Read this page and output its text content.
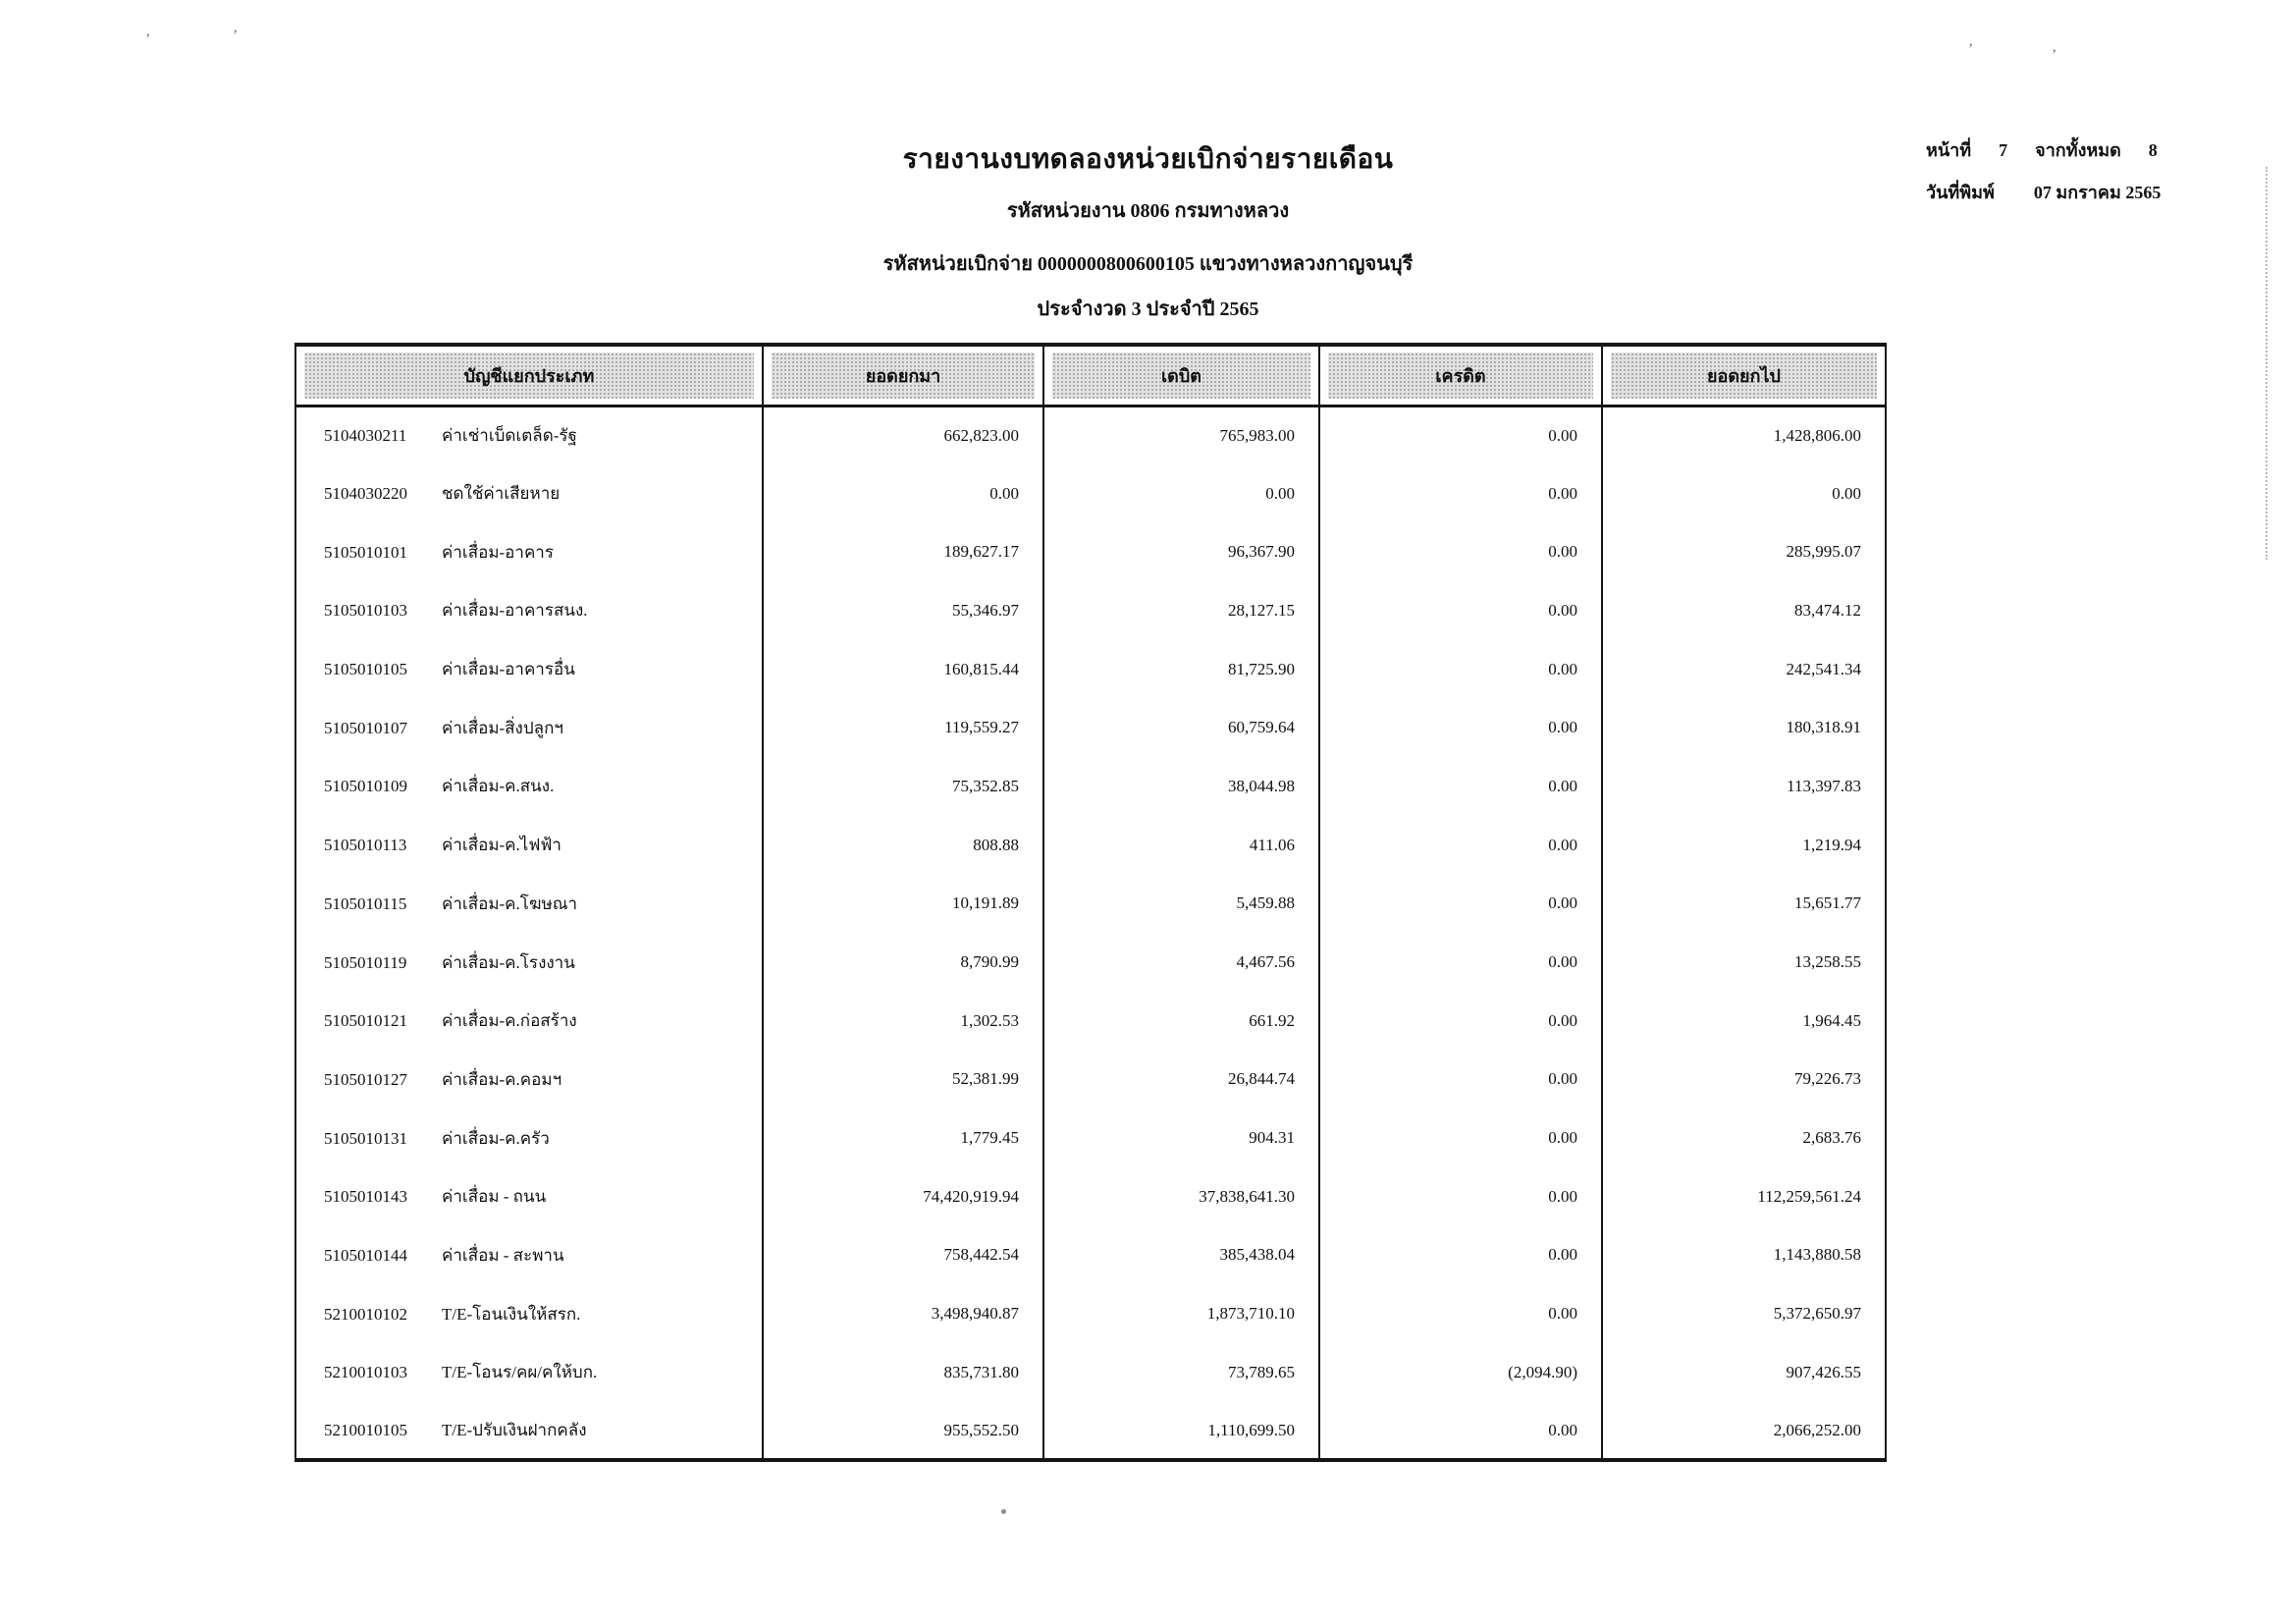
รายงานงบทดลองหน่วยเบิกจ่ายรายเดือน
รหัสหน่วยงาน 0806 กรมทางหลวง
รหัสหน่วยเบิกจ่าย 0000000800600105 แขวงทางหลวงกาญจนบุรี
ประจำงวด 3 ประจำปี 2565
หน้าที่ 7 จากทั้งหมด 8
วันที่พิมพ์ 07 มกราคม 2565
บัญชีแยกประเภท	ยอดยกมา	เดบิต	เครดิต	ยอดยกไป

5104030211 ค่าเช่าเบ็ดเตล็ด-รัฐ	662,823.00	765,983.00	0.00	1,428,806.00
5104030220 ชดใช้ค่าเสียหาย	0.00	0.00	0.00	0.00
5105010101 ค่าเสื่อม-อาคาร	189,627.17	96,367.90	0.00	285,995.07
5105010103 ค่าเสื่อม-อาคารสนง.	55,346.97	28,127.15	0.00	83,474.12
5105010105 ค่าเสื่อม-อาคารอื่น	160,815.44	81,725.90	0.00	242,541.34
5105010107 ค่าเสื่อม-สิ่งปลูกฯ	119,559.27	60,759.64	0.00	180,318.91
5105010109 ค่าเสื่อม-ค.สนง.	75,352.85	38,044.98	0.00	113,397.83
5105010113 ค่าเสื่อม-ค.ไฟฟ้า	808.88	411.06	0.00	1,219.94
5105010115 ค่าเสื่อม-ค.โฆษณา	10,191.89	5,459.88	0.00	15,651.77
5105010119 ค่าเสื่อม-ค.โรงงาน	8,790.99	4,467.56	0.00	13,258.55
5105010121 ค่าเสื่อม-ค.ก่อสร้าง	1,302.53	661.92	0.00	1,964.45
5105010127 ค่าเสื่อม-ค.คอมฯ	52,381.99	26,844.74	0.00	79,226.73
5105010131 ค่าเสื่อม-ค.ครัว	1,779.45	904.31	0.00	2,683.76
5105010143 ค่าเสื่อม - ถนน	74,420,919.94	37,838,641.30	0.00	112,259,561.24
5105010144 ค่าเสื่อม - สะพาน	758,442.54	385,438.04	0.00	1,143,880.58
5210010102 T/E-โอนเงินให้สรก.	3,498,940.87	1,873,710.10	0.00	5,372,650.97
5210010103 T/E-โอนร/คผ/คให้บก.	835,731.80	73,789.65	(2,094.90)	907,426.55
5210010105 T/E-ปรับเงินฝากคลัง	955,552.50	1,110,699.50	0.00	2,066,252.00
’	’
’	’
